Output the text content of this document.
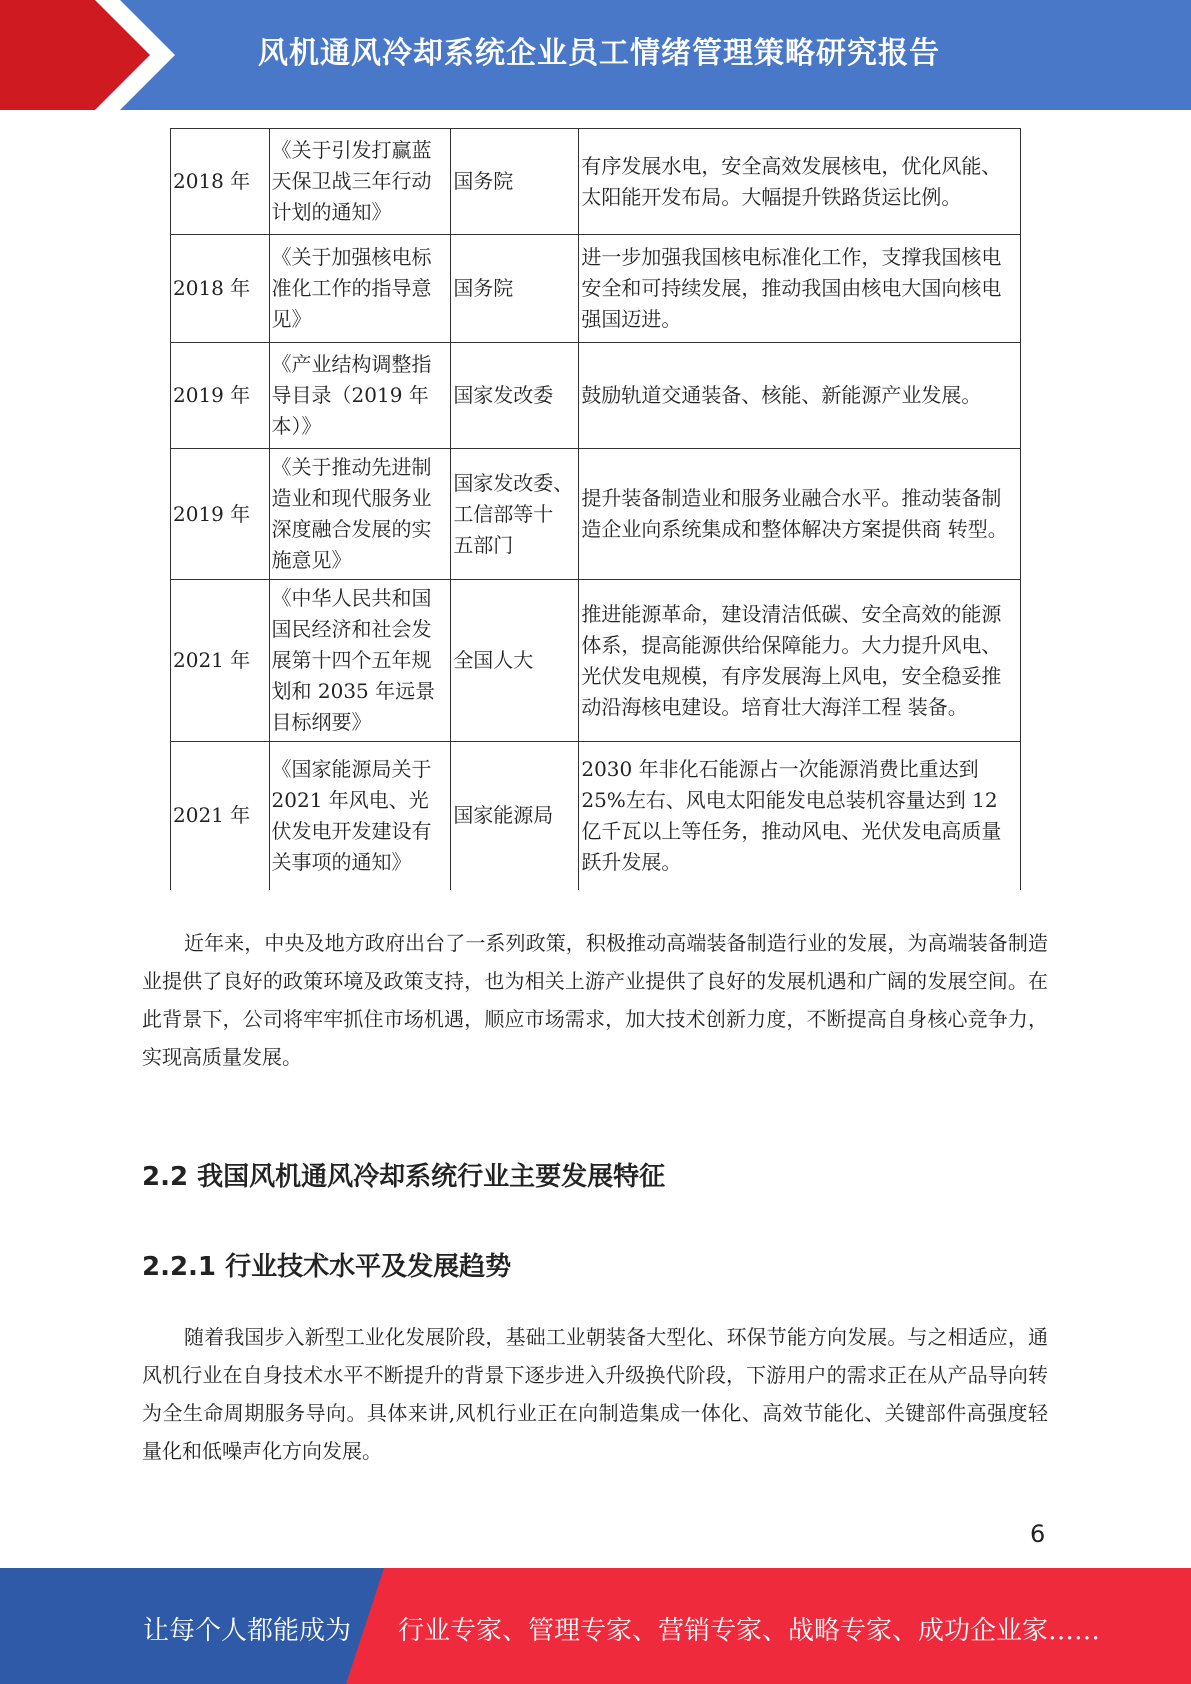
风机通风冷却系统企业员工情绪管理策略研究报告
2018 年	《关于引发打赢蓝天保卫战三年行动计划的通知》	国务院	有序发展水电，安全高效发展核电，优化风能、 太阳能开发布局。大幅提升铁路货运比例。
2018 年	《关于加强核电标准化工作的指导意见》	国务院	进一步加强我国核电标准化工作，支撑我国核电安全和可持续发展，推动我国由核电大国向核电强国迈进。
2019 年	《产业结构调整指导目录（2019 年本）》	国家发改委	鼓励轨道交通装备、核能、新能源产业发展。
2019 年	《关于推动先进制造业和现代服务业深度融合发展的实施意见》	国家发改委、 工信部等十 五部门	提升装备制造业和服务业融合水平。推动装备制造企业向系统集成和整体解决方案提供商 转型。
2021 年	《中华人民共和国国民经济和社会发展第十四个五年规划和 2035 年远景目标纲要》	全国人大	推进能源革命，建设清洁低碳、安全高效的能源体系，提高能源供给保障能力。大力提升风电、光伏发电规模，有序发展海上风电，安全稳妥推动沿海核电建设。培育壮大海洋工程 装备。
2021 年	《国家能源局关于 2021 年风电、光伏发电开发建设有关事项的通知》	国家能源局	2030 年非化石能源占一次能源消费比重达到 25%左右、风电太阳能发电总装机容量达到 12 亿千瓦以上等任务，推动风电、光伏发电高质量跃升发展。

近年来，中央及地方政府出台了一系列政策，积极推动高端装备制造行业的发展，为高端装备制造业提供了良好的政策环境及政策支持，也为相关上游产业提供了良好的发展机遇和广阔的发展空间。在此背景下，公司将牢牢抓住市场机遇，顺应市场需求，加大技术创新力度，不断提高自身核心竞争力，实现高质量发展。

2.2 我国风机通风冷却系统行业主要发展特征
2.2.1 行业技术水平及发展趋势

随着我国步入新型工业化发展阶段，基础工业朝装备大型化、环保节能方向发展。与之相适应，通风机行业在自身技术水平不断提升的背景下逐步进入升级换代阶段，下游用户的需求正在从产品导向转为全生命周期服务导向。具体来讲,风机行业正在向制造集成一体化、高效节能化、关键部件高强度轻量化和低噪声化方向发展。

6
让每个人都能成为 行业专家、管理专家、营销专家、战略专家、成功企业家……
